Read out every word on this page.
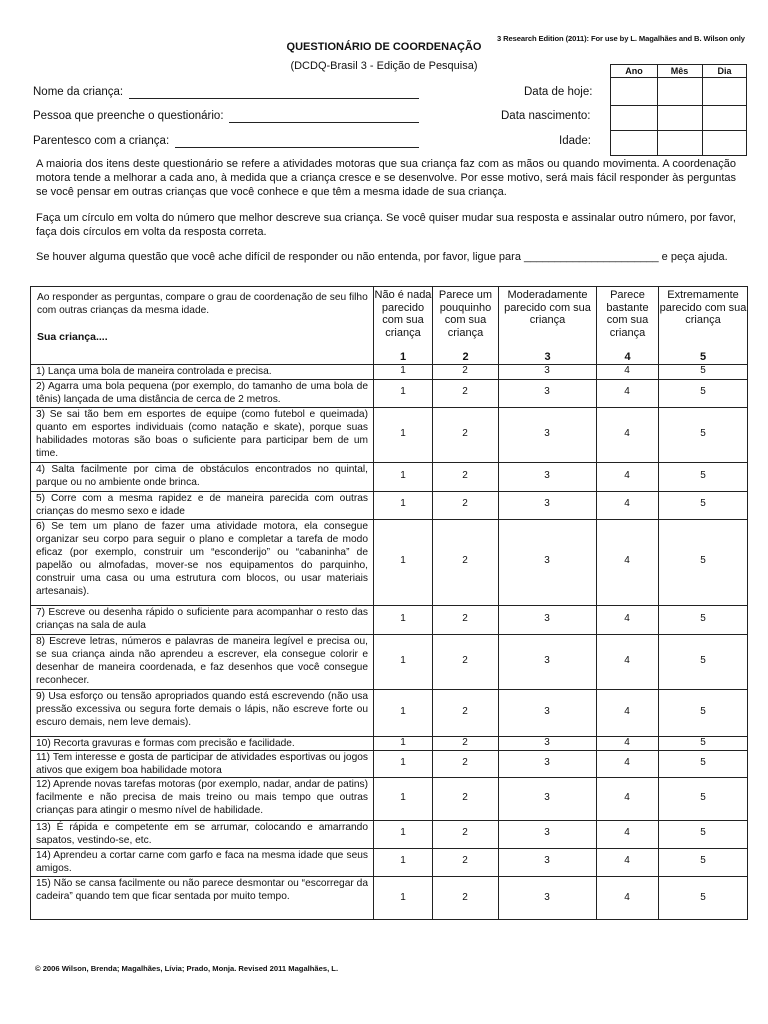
3 Research Edition (2011): For use by L. Magalhães and B. Wilson only
QUESTIONÁRIO DE COORDENAÇÃO
(DCDQ-Brasil 3 - Edição de Pesquisa)
Nome da criança:
Pessoa que preenche o questionário:
Parentesco com a criança:
Data de hoje:
Data nascimento:
Idade:
Ano	Mês	Dia
A maioria dos itens deste questionário se refere a atividades motoras que sua criança faz com as mãos ou quando movimenta. A coordenação motora tende a melhorar a cada ano, à medida que a criança cresce e se desenvolve. Por esse motivo, será mais fácil responder às perguntas se você pensar em outras crianças que você conhece e que têm a mesma idade de sua criança.
Faça um círculo em volta do número que melhor descreve sua criança. Se você quiser mudar sua resposta e assinalar outro número, por favor, faça dois círculos em volta da resposta correta.
Se houver alguma questão que você ache difícil de responder ou não entenda, por favor, ligue para ______________________ e peça ajuda.
Ao responder as perguntas, compare o grau de coordenação de seu filho com outras crianças da mesma idade.
Sua criança....
Não é nada parecido com sua criança
Parece um pouquinho com sua criança
Moderadamente parecido com sua criança
Parece bastante com sua criança
Extremamente parecido com sua criança
1	2	3	4	5
1) Lança uma bola de maneira controlada e precisa.	1	2	3	4	5
2) Agarra uma bola pequena (por exemplo, do tamanho de uma bola de tênis) lançada de uma distância de cerca de 2 metros.
1	2	3	4	5
3) Se sai tão bem em esportes de equipe (como futebol e queimada) quanto em esportes individuais (como natação e skate), porque suas habilidades motoras são boas o suficiente para participar bem de um time.
1	2	3	4	5
4) Salta facilmente por cima de obstáculos encontrados no quintal, parque ou no ambiente onde brinca.
1	2	3	4	5
5) Corre com a mesma rapidez e de maneira parecida com outras crianças do mesmo sexo e idade
1	2	3	4	5
6) Se tem um plano de fazer uma atividade motora, ela consegue organizar seu corpo para seguir o plano e completar a tarefa de modo eficaz (por exemplo, construir um “esconderijo” ou “cabaninha” de papelão ou almofadas, mover-se nos equipamentos do parquinho, construir uma casa ou uma estrutura com blocos, ou usar materiais artesanais).
1	2	3	4	5
7) Escreve ou desenha rápido o suficiente para acompanhar o resto das crianças na sala de aula
1	2	3	4	5
8) Escreve letras, números e palavras de maneira legível e precisa ou, se sua criança ainda não aprendeu a escrever, ela consegue colorir e desenhar de maneira coordenada, e faz desenhos que você consegue reconhecer.
1	2	3	4	5
9) Usa esforço ou tensão apropriados quando está escrevendo (não usa pressão excessiva ou segura forte demais o lápis, não escreve forte ou escuro demais, nem leve demais).
1	2	3	4	5
10) Recorta gravuras e formas com precisão e facilidade.	1	2	3	4	5
11) Tem interesse e gosta de participar de atividades esportivas ou jogos ativos que exigem boa habilidade motora
1	2	3	4	5
12) Aprende novas tarefas motoras (por exemplo, nadar, andar de patins) facilmente e não precisa de mais treino ou mais tempo que outras crianças para atingir o mesmo nível de habilidade.
1	2	3	4	5
13) É rápida e competente em se arrumar, colocando e amarrando sapatos, vestindo-se, etc.
1	2	3	4	5
14) Aprendeu a cortar carne com garfo e faca na mesma idade que seus amigos.
1	2	3	4	5
15) Não se cansa facilmente ou não parece desmontar ou “escorregar da cadeira” quando tem que ficar sentada por muito tempo.	1	2	3	4	5
© 2006 Wilson, Brenda; Magalhães, Lívia; Prado, Monja. Revised 2011 Magalhães, L.
